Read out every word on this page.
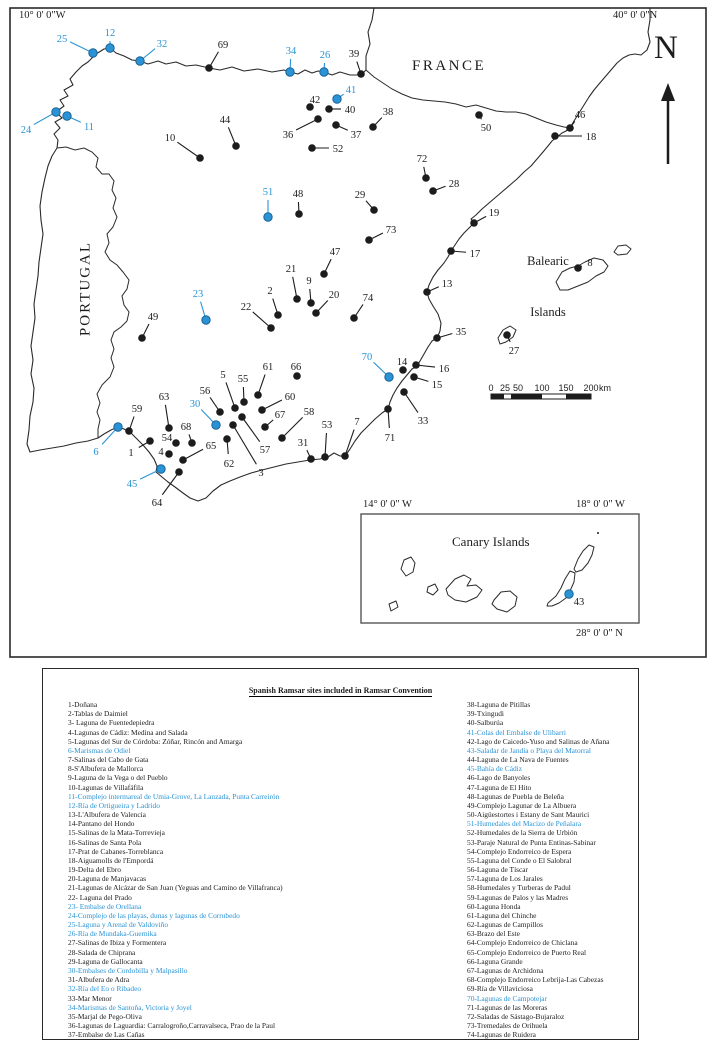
1
2
3
4
5
6
7
8
9
10
11
12
13
14
15
16
17
18
19
20
21
22
23
24
25
26
27
28
29
30
31
32
33
34
35
36	37
38
39
40
41
42
43
44
45
46
47
48
49
50
51
52
53
54
55
56
57
58
59
60
61
62
63
64
65
66
67
68
69
70
71
72
73
74
0 25 50 100 150 200 km
10° 0' 0"W	40° 0' 0"N
N
FRANCE
PORTUGAL

	Balearic

Islands

Canary Islands
14° 0' 0" W	18° 0' 0" W
28° 0' 0" N
Spanish Ramsar sites included in Ramsar Convention
1-Doñana
2-Tablas de Daimiel
3- Laguna de Fuentedepiedra
4-Lagunas de Cádiz: Medina and Salada
5-Lagunas del Sur de Córdoba: Zóñar, Rincón and Amarga
6-Marismas de Odiel
7-Salinas del Cabo de Gata
8-S'Albufera de Mallorca
9-Laguna de la Vega o del Pueblo
10-Lagunas de Villafáfila
11-Complejo intermareal de Umia-Grove, La Lanzada, Punta Carreirón
12-Ría de Ortigueira y Ladrido
13-L'Albufera de Valencia
14-Pantano del Hondo
15-Salinas de la Mata-Torrevieja
16-Salinas de Santa Pola
17-Prat de Cabanes-Torreblanca
18-Aiguamolls de l'Empordá
19-Delta del Ebro
20-Laguna de Manjavacas
21-Lagunas de Alcázar de San Juan (Yeguas and Camino de Villafranca)
22- Laguna del Prado
23- Embalse de Orellana
24-Complejo de las playas, dunas y lagunas de Corrubedo
25-Laguna y Arenal de Valdoviño
26-Ría de Mundaka-Guernika
27-Salinas de Ibiza y Formentera
28-Salada de Chiprana
29-Laguna de Gallocanta
30-Embalses de Cordobilla y Malpasillo
31-Albufera de Adra
32-Ría del Eo o Ribadeo
33-Mar Menor
34-Marismas de Santoña, Victoria y Joyel
35-Marjal de Pego-Oliva
36-Lagunas de Laguardia: Carralogroño,Carravalseca, Prao de la Paul
37-Embalse de Las Cañas
38-Laguna de Pitillas
39-Txingudi
40-Salburúa
41-Colas del Embalse de Ulibarri
42-Lago de Caicedo-Yuso and Salinas de Añana
43-Saladar de Jandía o Playa del Matorral
44-Laguna de La Nava de Fuentes
45-Bahía de Cádiz
46-Lago de Banyoles
47-Laguna de El Hito
48-Lagunas de Puebla de Beleña
49-Complejo Lagunar de La Albuera
50-Aigüestortes i Estany de Sant Maurici
51-Humedales del Macizo de Peñalara
52-Humedales de la Sierra de Urbión
53-Paraje Natural de Punta Entinas-Sabinar
54-Complejo Endorreico de Espera
55-Laguna del Conde o El Salobral
56-Laguna de Tíscar
57-Laguna de Los Jarales
58-Humedales y Turberas de Padul
59-Lagunas de Palos y las Madres
60-Laguna Honda
61-Laguna del Chinche
62-Lagunas de Campillos
63-Brazo del Este
64-Complejo Endorreico de Chiclana
65-Complejo Endorreico de Puerto Real
66-Laguna Grande
67-Lagunas de Archidona
68-Complejo Endorreico Lebrija-Las Cabezas
69-Ría de Villaviciosa
70-Lagunas de Campotejar
71-Lagunas de las Moreras
72-Saladas de Sástago-Bujaraloz
73-Tremedales de Orihuela
74-Lagunas de Ruidera
